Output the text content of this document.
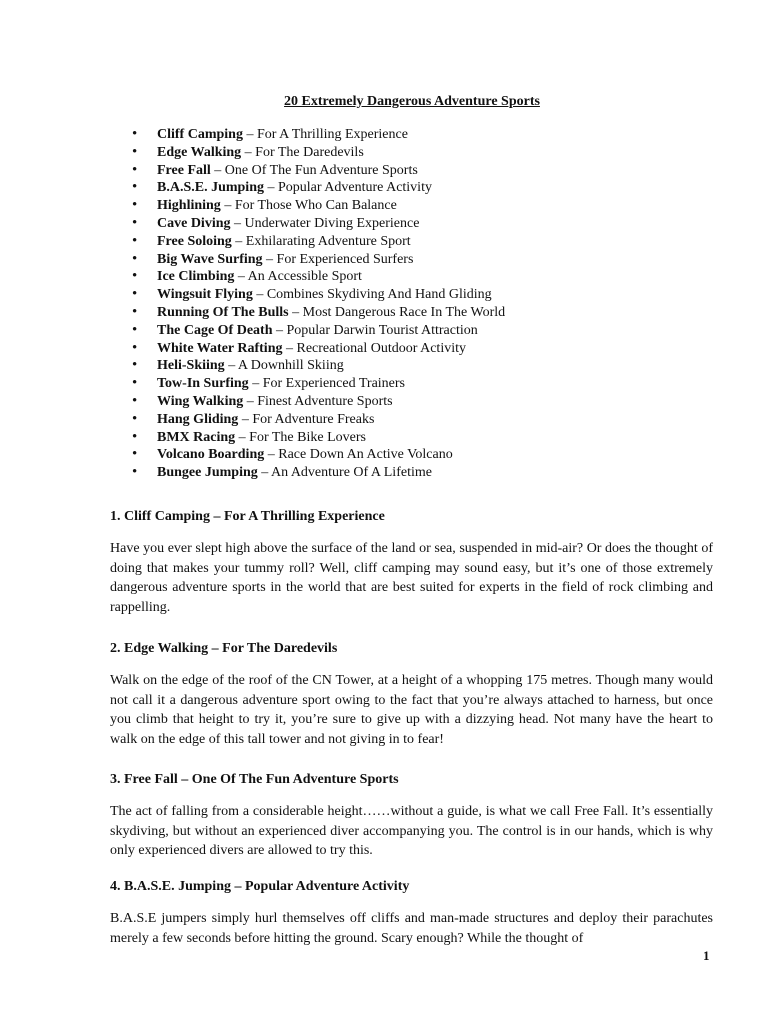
20 Extremely Dangerous Adventure Sports
• Cliff Camping – For A Thrilling Experience
• Edge Walking – For The Daredevils
• Free Fall – One Of The Fun Adventure Sports
• B.A.S.E. Jumping – Popular Adventure Activity
• Highlining – For Those Who Can Balance
• Cave Diving – Underwater Diving Experience
• Free Soloing – Exhilarating Adventure Sport
• Big Wave Surfing – For Experienced Surfers
• Ice Climbing – An Accessible Sport
• Wingsuit Flying – Combines Skydiving And Hand Gliding
• Running Of The Bulls – Most Dangerous Race In The World
• The Cage Of Death – Popular Darwin Tourist Attraction
• White Water Rafting – Recreational Outdoor Activity
• Heli-Skiing – A Downhill Skiing
• Tow-In Surfing – For Experienced Trainers
• Wing Walking – Finest Adventure Sports
• Hang Gliding – For Adventure Freaks
• BMX Racing – For The Bike Lovers
• Volcano Boarding – Race Down An Active Volcano
• Bungee Jumping – An Adventure Of A Lifetime
1. Cliff Camping – For A Thrilling Experience

Have you ever slept high above the surface of the land or sea, suspended in mid-air? Or does the thought of doing that makes your tummy roll? Well, cliff camping may sound easy, but it’s one of those extremely dangerous adventure sports in the world that are best suited for experts in the field of rock climbing and rappelling.

2. Edge Walking – For The Daredevils

Walk on the edge of the roof of the CN Tower, at a height of a whopping 175 metres. Though many would not call it a dangerous adventure sport owing to the fact that you’re always attached to harness, but once you climb that height to try it, you’re sure to give up with a dizzying head. Not many have the heart to walk on the edge of this tall tower and not giving in to fear!

3. Free Fall – One Of The Fun Adventure Sports

The act of falling from a considerable height……without a guide, is what we call Free Fall. It’s essentially skydiving, but without an experienced diver accompanying you. The control is in our hands, which is why only experienced divers are allowed to try this.

4. B.A.S.E. Jumping – Popular Adventure Activity

B.A.S.E jumpers simply hurl themselves off cliffs and man-made structures and deploy their parachutes merely a few seconds before hitting the ground. Scary enough? While the thought of

1
